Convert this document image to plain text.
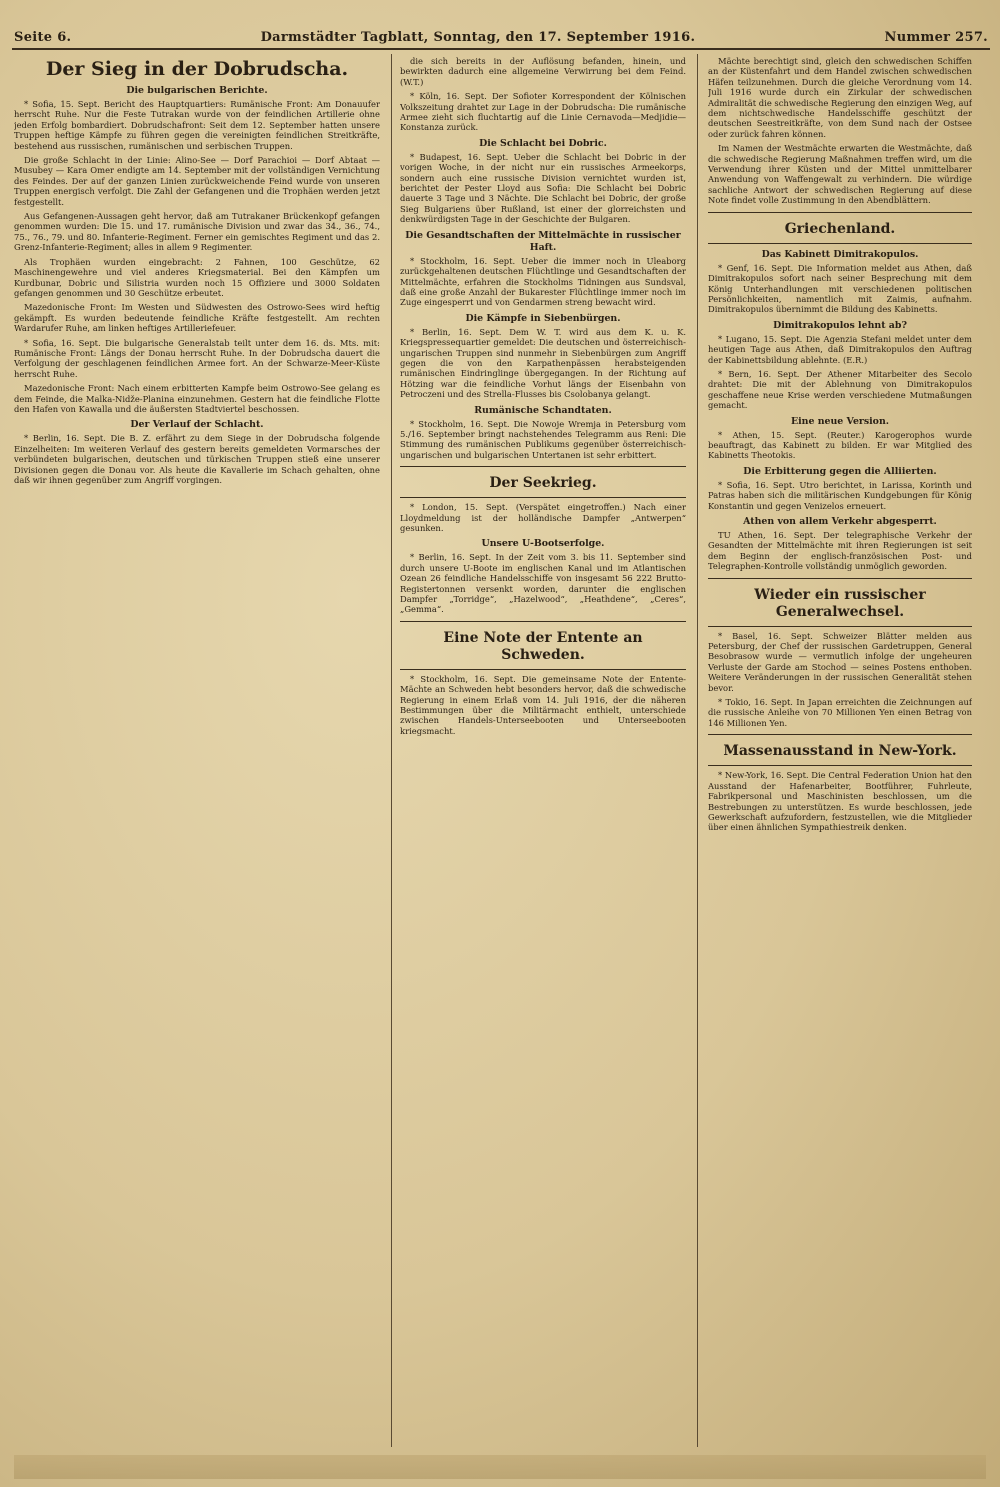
Seite 6.	Darmstädter Tagblatt, Sonntag, den 17. September 1916.	Nummer 257.
Der Sieg in der Dobrudscha.
Die bulgarischen Berichte.

* Sofia, 15. Sept. Bericht des Hauptquartiers: Rumänische Front: Am Donauufer herrscht Ruhe. Nur die Feste Tutrakan wurde von der feindlichen Artillerie ohne jeden Erfolg bombardiert. Dobrudschafront: Seit dem 12. September hatten unsere Truppen heftige Kämpfe zu führen gegen die vereinigten feindlichen Streitkräfte, bestehend aus russischen, rumänischen und serbischen Truppen.

Die große Schlacht in der Linie: Alino-See — Dorf Parachioi — Dorf Abtaat — Musubey — Kara Omer endigte am 14. September mit der vollständigen Vernichtung des Feindes. Der auf der ganzen Linien zurückweichende Feind wurde von unseren Truppen energisch verfolgt. Die Zahl der Gefangenen und die Trophäen werden jetzt festgestellt.

Aus Gefangenen-Aussagen geht hervor, daß am Tutrakaner Brückenkopf gefangen genommen wurden: Die 15. und 17. rumänische Division und zwar das 34., 36., 74., 75., 76., 79. und 80. Infanterie-Regiment. Ferner ein gemischtes Regiment und das 2. Grenz-Infanterie-Regiment; alles in allem 9 Regimenter.

Als Trophäen wurden eingebracht: 2 Fahnen, 100 Geschütze, 62 Maschinengewehre und viel anderes Kriegsmaterial. Bei den Kämpfen um Kurdbunar, Dobric und Silistria wurden noch 15 Offiziere und 3000 Soldaten gefangen genommen und 30 Geschütze erbeutet.

Mazedonische Front: Im Westen und Südwesten des Ostrowo-Sees wird heftig gekämpft. Es wurden bedeutende feindliche Kräfte festgestellt. Am rechten Wardarufer Ruhe, am linken heftiges Artilleriefeuer.

* Sofia, 16. Sept. Die bulgarische Generalstab teilt unter dem 16. ds. Mts. mit: Rumänische Front: Längs der Donau herrscht Ruhe. In der Dobrudscha dauert die Verfolgung der geschlagenen feindlichen Armee fort. An der Schwarze-Meer-Küste herrscht Ruhe.

Mazedonische Front: Nach einem erbitterten Kampfe beim Ostrowo-See gelang es dem Feinde, die Malka-Nidže-Planina einzunehmen. Gestern hat die feindliche Flotte den Hafen von Kawalla und die äußersten Stadtviertel beschossen.

Der Verlauf der Schlacht.

* Berlin, 16. Sept. Die B. Z. erfährt zu dem Siege in der Dobrudscha folgende Einzelheiten: Im weiteren Verlauf des gestern bereits gemeldeten Vormarsches der verbündeten bulgarischen, deutschen und türkischen Truppen stieß eine unserer Divisionen gegen die Donau vor. Als heute die Kavallerie im Schach gehalten, ohne daß wir ihnen gegenüber zum Angriff vorgingen.

die sich bereits in der Auflösung befanden, hinein, und bewirkten dadurch eine allgemeine Verwirrung bei dem Feind. (W.T.)

* Köln, 16. Sept. Der Sofioter Korrespondent der Kölnischen Volkszeitung drahtet zur Lage in der Dobrudscha: Die rumänische Armee zieht sich fluchtartig auf die Linie Cernavoda—Medjidie—Konstanza zurück.

Die Schlacht bei Dobric.

* Budapest, 16. Sept. Ueber die Schlacht bei Dobric in der vorigen Woche, in der nicht nur ein russisches Armeekorps, sondern auch eine russische Division vernichtet wurden ist, berichtet der Pester Lloyd aus Sofia: Die Schlacht bei Dobric dauerte 3 Tage und 3 Nächte. Die Schlacht bei Dobric, der große Sieg Bulgariens über Rußland, ist einer der glorreichsten und denkwürdigsten Tage in der Geschichte der Bulgaren.

Die Gesandtschaften der Mittelmächte in russischer Haft.

* Stockholm, 16. Sept. Ueber die immer noch in Uleaborg zurückgehaltenen deutschen Flüchtlinge und Gesandtschaften der Mittelmächte, erfahren die Stockholms Tidningen aus Sundsval, daß eine große Anzahl der Bukarester Flüchtlinge immer noch im Zuge eingesperrt und von Gendarmen streng bewacht wird.

Die Kämpfe in Siebenbürgen.

* Berlin, 16. Sept. Dem W. T. wird aus dem K. u. K. Kriegspressequartier gemeldet: Die deutschen und österreichisch-ungarischen Truppen sind nunmehr in Siebenbürgen zum Angriff gegen die von den Karpathenpässen herabsteigenden rumänischen Eindringlinge übergegangen. In der Richtung auf Hötzing war die feindliche Vorhut längs der Eisenbahn von Petroczeni und des Strella-Flusses bis Csolobanya gelangt.

Rumänische Schandtaten.

* Stockholm, 16. Sept. Die Nowoje Wremja in Petersburg vom 5./16. September bringt nachstehendes Telegramm aus Reni: Die Stimmung des rumänischen Publikums gegenüber österreichisch-ungarischen und bulgarischen Untertanen ist sehr erbittert.

Der Seekrieg.

* London, 15. Sept. (Verspätet eingetroffen.) Nach einer Lloydmeldung ist der holländische Dampfer „Antwerpen“ gesunken.

Unsere U-Bootserfolge.

* Berlin, 16. Sept. In der Zeit vom 3. bis 11. September sind durch unsere U-Boote im englischen Kanal und im Atlantischen Ozean 26 feindliche Handelsschiffe von insgesamt 56 222 Brutto-Registertonnen versenkt worden, darunter die englischen Dampfer „Torridge“, „Hazelwood“, „Heathdene“, „Ceres“, „Gemma“.

Eine Note der Entente an Schweden.

* Stockholm, 16. Sept. Die gemeinsame Note der Entente-Mächte an Schweden hebt besonders hervor, daß die schwedische Regierung in einem Erlaß vom 14. Juli 1916, der die näheren Bestimmungen über die Militärmacht enthielt, unterschiede zwischen Handels-Unterseebooten und Unterseebooten kriegsmacht.

Mächte berechtigt sind, gleich den schwedischen Schiffen an der Küstenfahrt und dem Handel zwischen schwedischen Häfen teilzunehmen. Durch die gleiche Verordnung vom 14. Juli 1916 wurde durch ein Zirkular der schwedischen Admiralität die schwedische Regierung den einzigen Weg, auf dem nichtschwedische Handelsschiffe geschützt der deutschen Seestreitkräfte, von dem Sund nach der Ostsee oder zurück fahren können.

Im Namen der Westmächte erwarten die Westmächte, daß die schwedische Regierung Maßnahmen treffen wird, um die Verwendung ihrer Küsten und der Mittel unmittelbarer Anwendung von Waffengewalt zu verhindern. Die würdige sachliche Antwort der schwedischen Regierung auf diese Note findet volle Zustimmung in den Abendblättern.

Griechenland.
Das Kabinett Dimitrakopulos.

* Genf, 16. Sept. Die Information meldet aus Athen, daß Dimitrakopulos sofort nach seiner Besprechung mit dem König Unterhandlungen mit verschiedenen politischen Persönlichkeiten, namentlich mit Zaimis, aufnahm. Dimitrakopulos übernimmt die Bildung des Kabinetts.

Dimitrakopulos lehnt ab?

* Lugano, 15. Sept. Die Agenzia Stefani meldet unter dem heutigen Tage aus Athen, daß Dimitrakopulos den Auftrag der Kabinettsbildung ablehnte. (E.R.)

* Bern, 16. Sept. Der Athener Mitarbeiter des Secolo drahtet: Die mit der Ablehnung von Dimitrakopulos geschaffene neue Krise werden verschiedene Mutmaßungen gemacht.

Eine neue Version.

* Athen, 15. Sept. (Reuter.) Karogerophos wurde beauftragt, das Kabinett zu bilden. Er war Mitglied des Kabinetts Theotokis.

Die Erbitterung gegen die Alliierten.

* Sofia, 16. Sept. Utro berichtet, in Larissa, Korinth und Patras haben sich die militärischen Kundgebungen für König Konstantin und gegen Venizelos erneuert.

Athen von allem Verkehr abgesperrt.

TU Athen, 16. Sept. Der telegraphische Verkehr der Gesandten der Mittelmächte mit ihren Regierungen ist seit dem Beginn der englisch-französischen Post- und Telegraphen-Kontrolle vollständig unmöglich geworden.

Wieder ein russischer Generalwechsel.

* Basel, 16. Sept. Schweizer Blätter melden aus Petersburg, der Chef der russischen Gardetruppen, General Besobrasow wurde — vermutlich infolge der ungeheuren Verluste der Garde am Stochod — seines Postens enthoben. Weitere Veränderungen in der russischen Generalität stehen bevor.

* Tokio, 16. Sept. In Japan erreichten die Zeichnungen auf die russische Anleihe von 70 Millionen Yen einen Betrag von 146 Millionen Yen.

Massenausstand in New-York.

* New-York, 16. Sept. Die Central Federation Union hat den Ausstand der Hafenarbeiter, Bootführer, Fuhrleute, Fabrikpersonal und Maschinisten beschlossen, um die Bestrebungen zu unterstützen. Es wurde beschlossen, jede Gewerkschaft aufzufordern, festzustellen, wie die Mitglieder über einen ähnlichen Sympathiestreik denken.
